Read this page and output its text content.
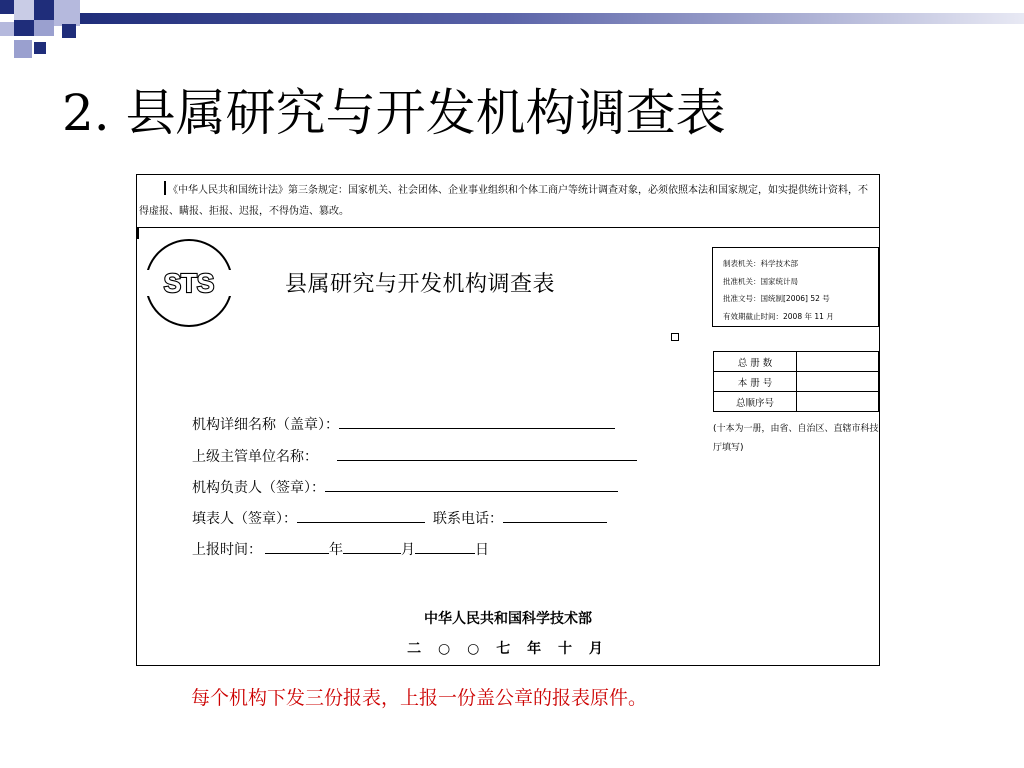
2. 县属研究与开发机构调查表
《中华人民共和国统计法》第三条规定：国家机关、社会团体、企业事业组织和个体工商户等统计调查对象，必须依照本法和国家规定，如实提供统计资料，不得虚报、瞒报、拒报、迟报，不得伪造、篡改。
STS	县属研究与开发机构调查表
制表机关：科学技术部
批准机关：国家统计局
批准文号：国统制[2006] 52 号
有效期截止时间：2008 年 11 月
总 册 数	
本 册 号	
总顺序号	
(十本为一册，由省、自治区、直辖市科技厅填写)
机构详细名称（盖章）：
上级主管单位名称：
机构负责人（签章）：
填表人（签章）：	联系电话：
上报时间：	年	月	日
中华人民共和国科学技术部
二 ○ ○ 七 年 十 月
每个机构下发三份报表，上报一份盖公章的报表原件。
